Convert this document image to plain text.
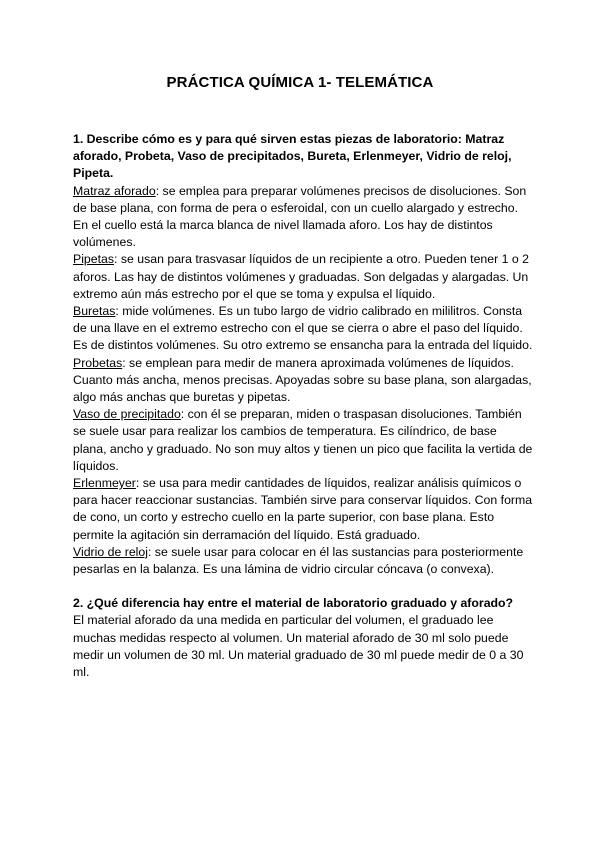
PRÁCTICA QUÍMICA 1- TELEMÁTICA

1. Describe cómo es y para qué sirven estas piezas de laboratorio: Matraz aforado, Probeta, Vaso de precipitados, Bureta, Erlenmeyer, Vidrio de reloj, Pipeta.

Matraz aforado: se emplea para preparar volúmenes precisos de disoluciones. Son de base plana, con forma de pera o esferoidal, con un cuello alargado y estrecho. En el cuello está la marca blanca de nivel llamada aforo. Los hay de distintos volúmenes.

Pipetas: se usan para trasvasar líquidos de un recipiente a otro. Pueden tener 1 o 2 aforos. Las hay de distintos volúmenes y graduadas. Son delgadas y alargadas. Un extremo aún más estrecho por el que se toma y expulsa el líquido.

Buretas: mide volúmenes. Es un tubo largo de vidrio calibrado en mililitros. Consta de una llave en el extremo estrecho con el que se cierra o abre el paso del líquido. Es de distintos volúmenes. Su otro extremo se ensancha para la entrada del líquido.

Probetas: se emplean para medir de manera aproximada volúmenes de líquidos. Cuanto más ancha, menos precisas. Apoyadas sobre su base plana, son alargadas, algo más anchas que buretas y pipetas.

Vaso de precipitado: con él se preparan, miden o traspasan disoluciones. También se suele usar para realizar los cambios de temperatura. Es cilíndrico, de base plana, ancho y graduado. No son muy altos y tienen un pico que facilita la vertida de líquidos.

Erlenmeyer: se usa para medir cantidades de líquidos, realizar análisis químicos o para hacer reaccionar sustancias. También sirve para conservar líquidos. Con forma de cono, un corto y estrecho cuello en la parte superior, con base plana. Esto permite la agitación sin derramación del líquido. Está graduado.

Vidrio de reloj: se suele usar para colocar en él las sustancias para posteriormente pesarlas en la balanza. Es una lámina de vidrio circular cóncava (o convexa).

2. ¿Qué diferencia hay entre el material de laboratorio graduado y aforado?

El material aforado da una medida en particular del volumen, el graduado lee muchas medidas respecto al volumen. Un material aforado de 30 ml solo puede medir un volumen de 30 ml. Un material graduado de 30 ml puede medir de 0 a 30 ml.
